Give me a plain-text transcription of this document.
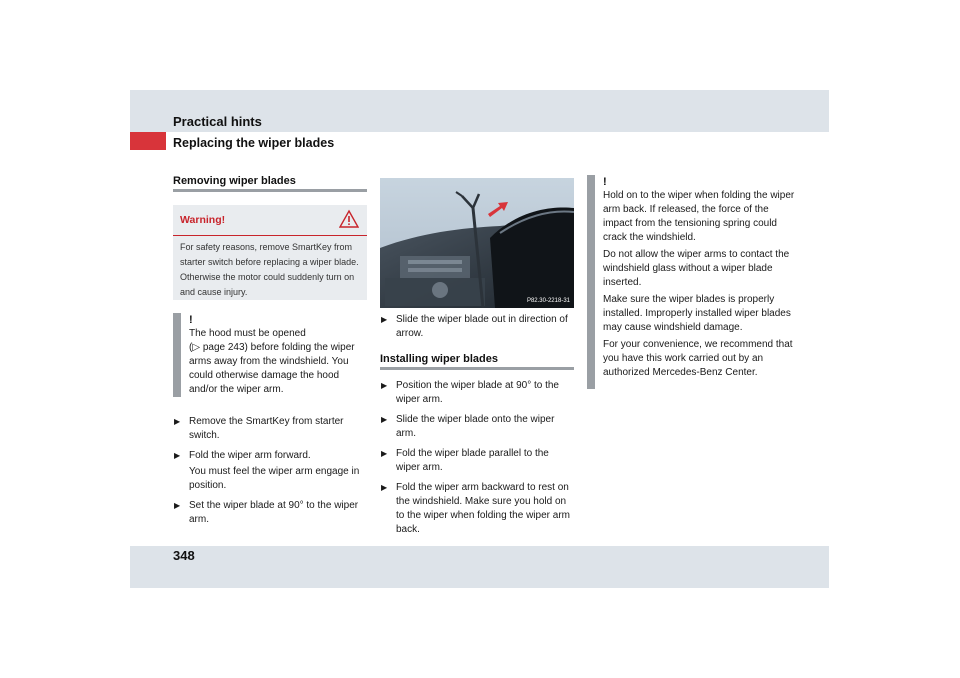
Practical hints
Replacing the wiper blades
Removing wiper blades
Warning!
For safety reasons, remove SmartKey from starter switch before replacing a wiper blade. Otherwise the motor could suddenly turn on and cause injury.
!
The hood must be opened
(▷ page 243) before folding the wiper arms away from the windshield. You could otherwise damage the hood and/or the wiper arm.
▶ Remove the SmartKey from starter switch.
▶ Fold the wiper arm forward.
You must feel the wiper arm engage in position.
▶ Set the wiper blade at 90° to the wiper arm.
P82.30-2218-31
▶ Slide the wiper blade out in direction of arrow.
Installing wiper blades
▶ Position the wiper blade at 90° to the wiper arm.
▶ Slide the wiper blade onto the wiper arm.
▶ Fold the wiper blade parallel to the wiper arm.
▶ Fold the wiper arm backward to rest on the windshield. Make sure you hold on to the wiper when folding the wiper arm back.
!

Hold on to the wiper when folding the wiper arm back. If released, the force of the impact from the tensioning spring could crack the windshield.

Do not allow the wiper arms to contact the windshield glass without a wiper blade inserted.

Make sure the wiper blades is properly installed. Improperly installed wiper blades may cause windshield damage.

For your convenience, we recommend that you have this work carried out by an authorized Mercedes-Benz Center.

348
